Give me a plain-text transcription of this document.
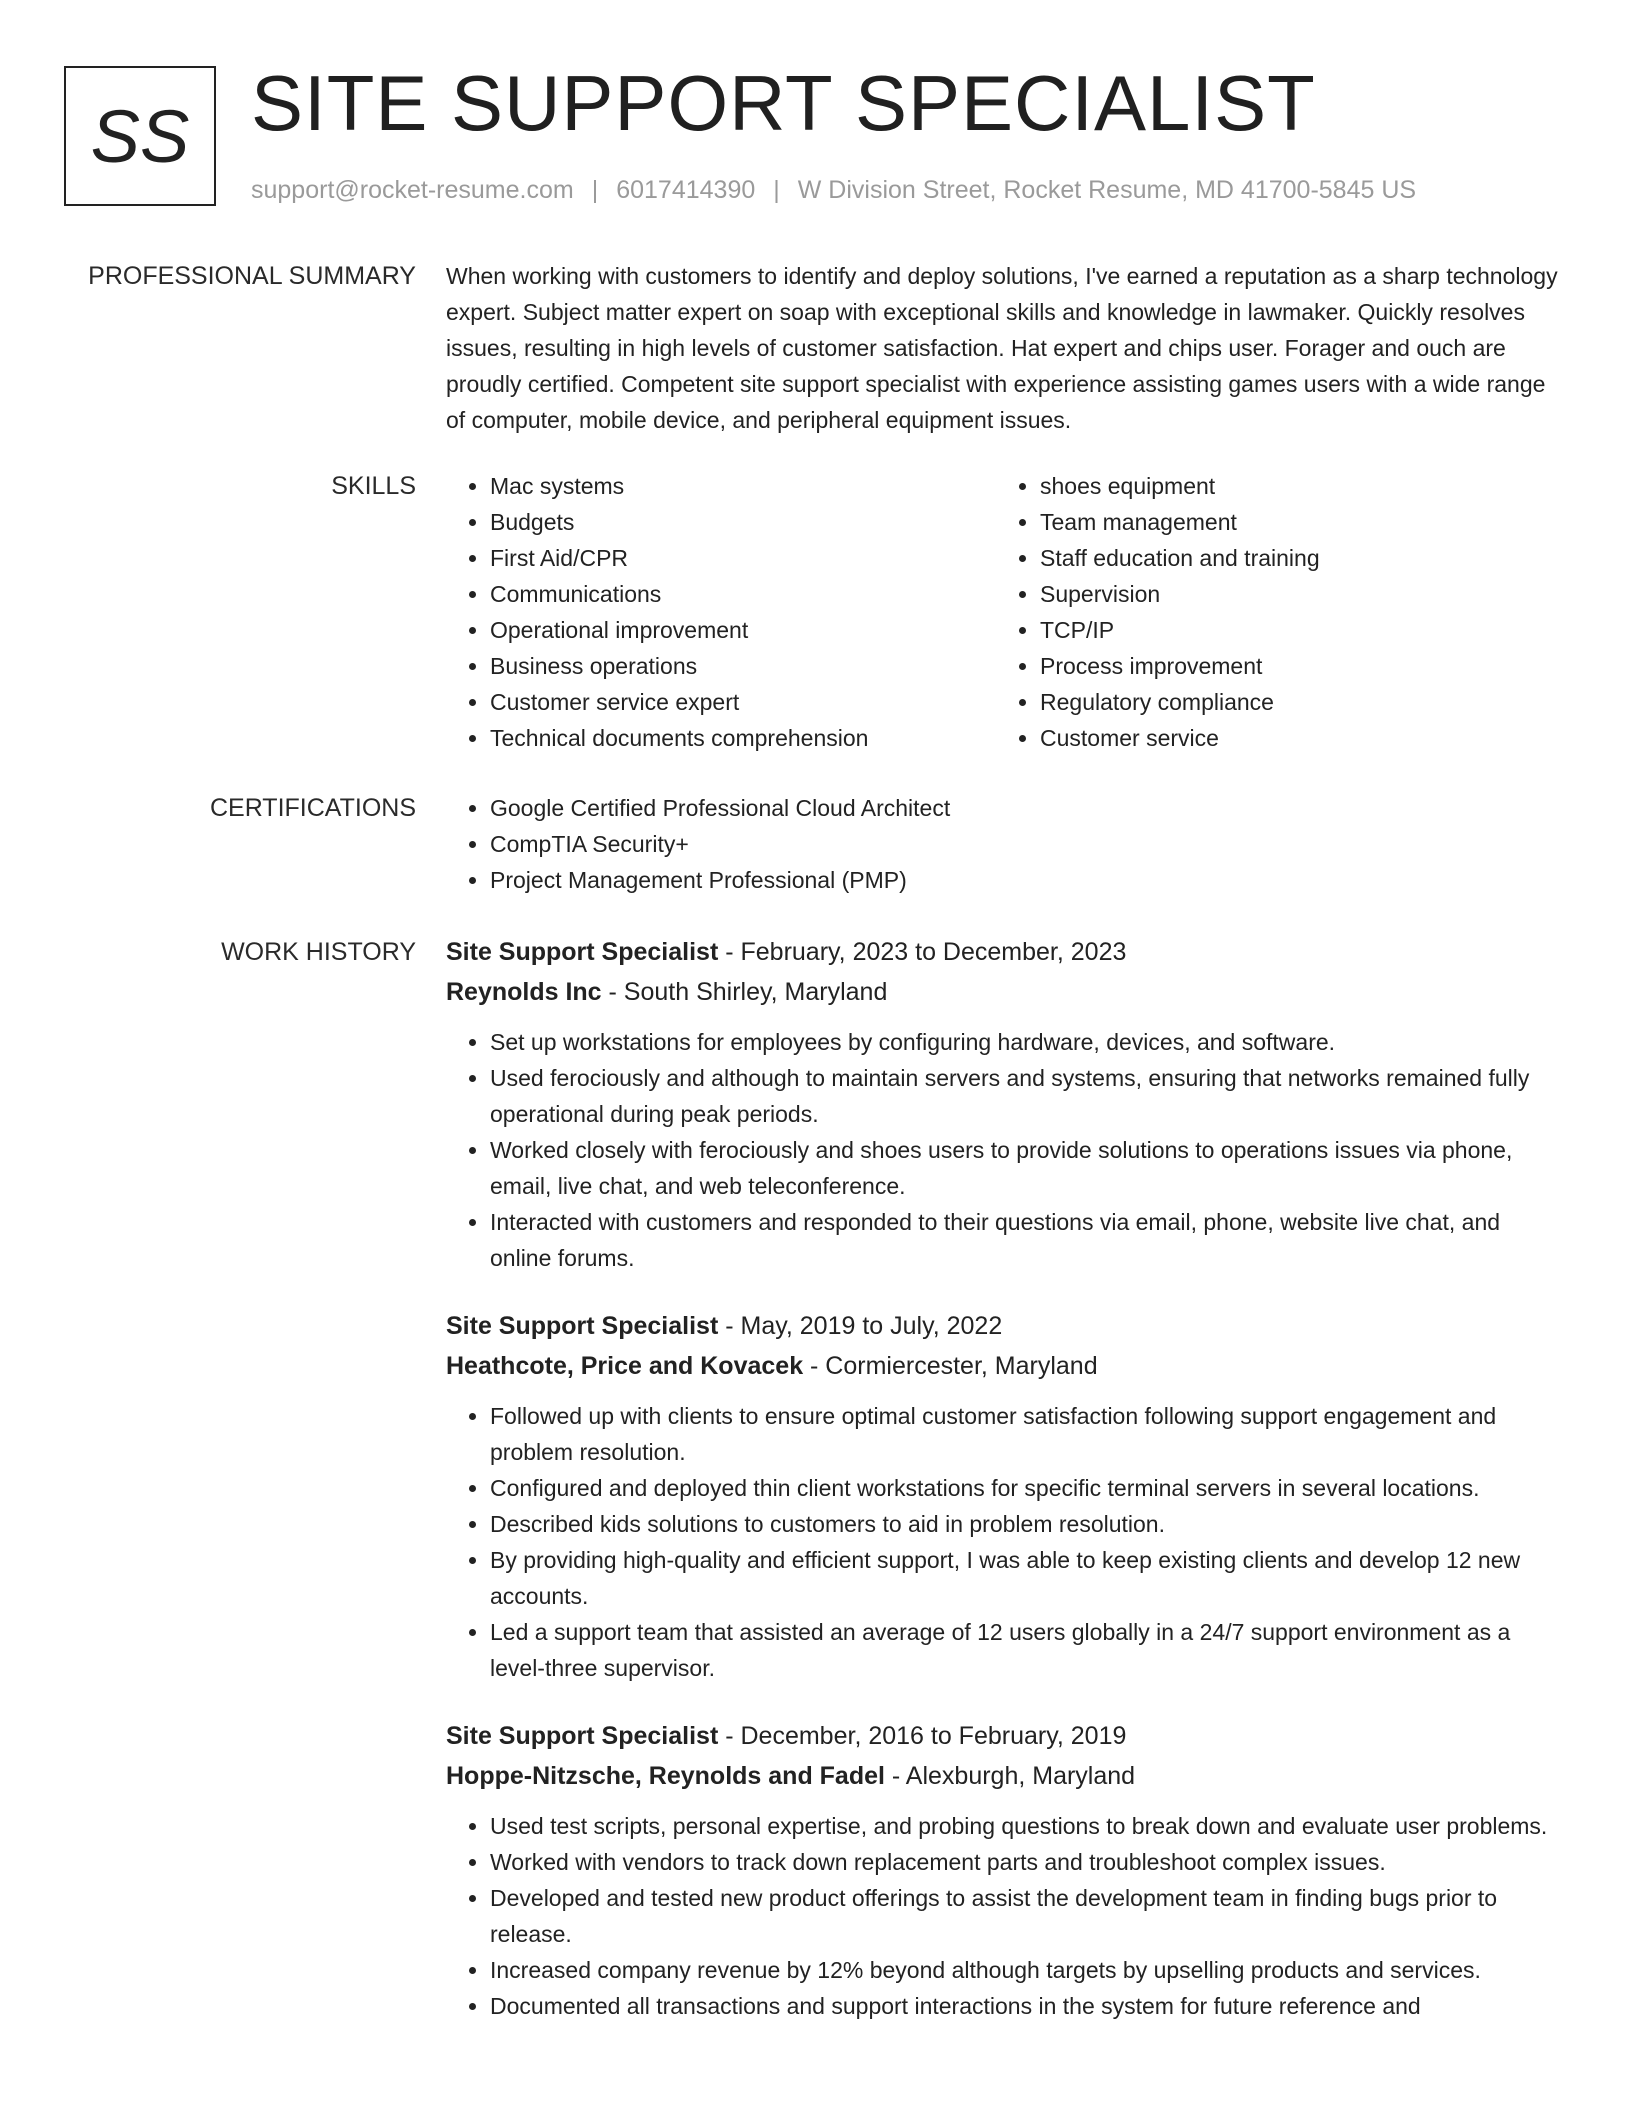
SS SITE SUPPORT SPECIALIST
support@rocket-resume.com | 6017414390 | W Division Street, Rocket Resume, MD 41700-5845 US
PROFESSIONAL SUMMARY When working with customers to identify and deploy solutions, I've earned a reputation as a sharp technology expert. Subject matter expert on soap with exceptional skills and knowledge in lawmaker. Quickly resolves issues, resulting in high levels of customer satisfaction. Hat expert and chips user. Forager and ouch are proudly certified. Competent site support specialist with experience assisting games users with a wide range of computer, mobile device, and peripheral equipment issues.

SKILLS	• Mac systems
• Budgets
• First Aid/CPR
• Communications
• Operational improvement
• Business operations
• Customer service expert
• Technical documents comprehension
• shoes equipment
• Team management
• Staff education and training
• Supervision
• TCP/IP
• Process improvement
• Regulatory compliance
• Customer service
CERTIFICATIONS	• Google Certified Professional Cloud Architect
• CompTIA Security+
• Project Management Professional (PMP)
WORK HISTORY Site Support Specialist - February, 2023 to December, 2023
Reynolds Inc - South Shirley, Maryland
• Set up workstations for employees by configuring hardware, devices, and software.
• Used ferociously and although to maintain servers and systems, ensuring that networks remained fully operational during peak periods.
• Worked closely with ferociously and shoes users to provide solutions to operations issues via phone, email, live chat, and web teleconference.
• Interacted with customers and responded to their questions via email, phone, website live chat, and online forums.
Site Support Specialist - May, 2019 to July, 2022
Heathcote, Price and Kovacek - Cormiercester, Maryland
• Followed up with clients to ensure optimal customer satisfaction following support engagement and problem resolution.
• Configured and deployed thin client workstations for specific terminal servers in several locations.
• Described kids solutions to customers to aid in problem resolution.
• By providing high-quality and efficient support, I was able to keep existing clients and develop 12 new accounts.
• Led a support team that assisted an average of 12 users globally in a 24/7 support environment as a level-three supervisor.
Site Support Specialist - December, 2016 to February, 2019
Hoppe-Nitzsche, Reynolds and Fadel - Alexburgh, Maryland
• Used test scripts, personal expertise, and probing questions to break down and evaluate user problems.
• Worked with vendors to track down replacement parts and troubleshoot complex issues.
• Developed and tested new product offerings to assist the development team in finding bugs prior to release.
• Increased company revenue by 12% beyond although targets by upselling products and services.
• Documented all transactions and support interactions in the system for future reference and
